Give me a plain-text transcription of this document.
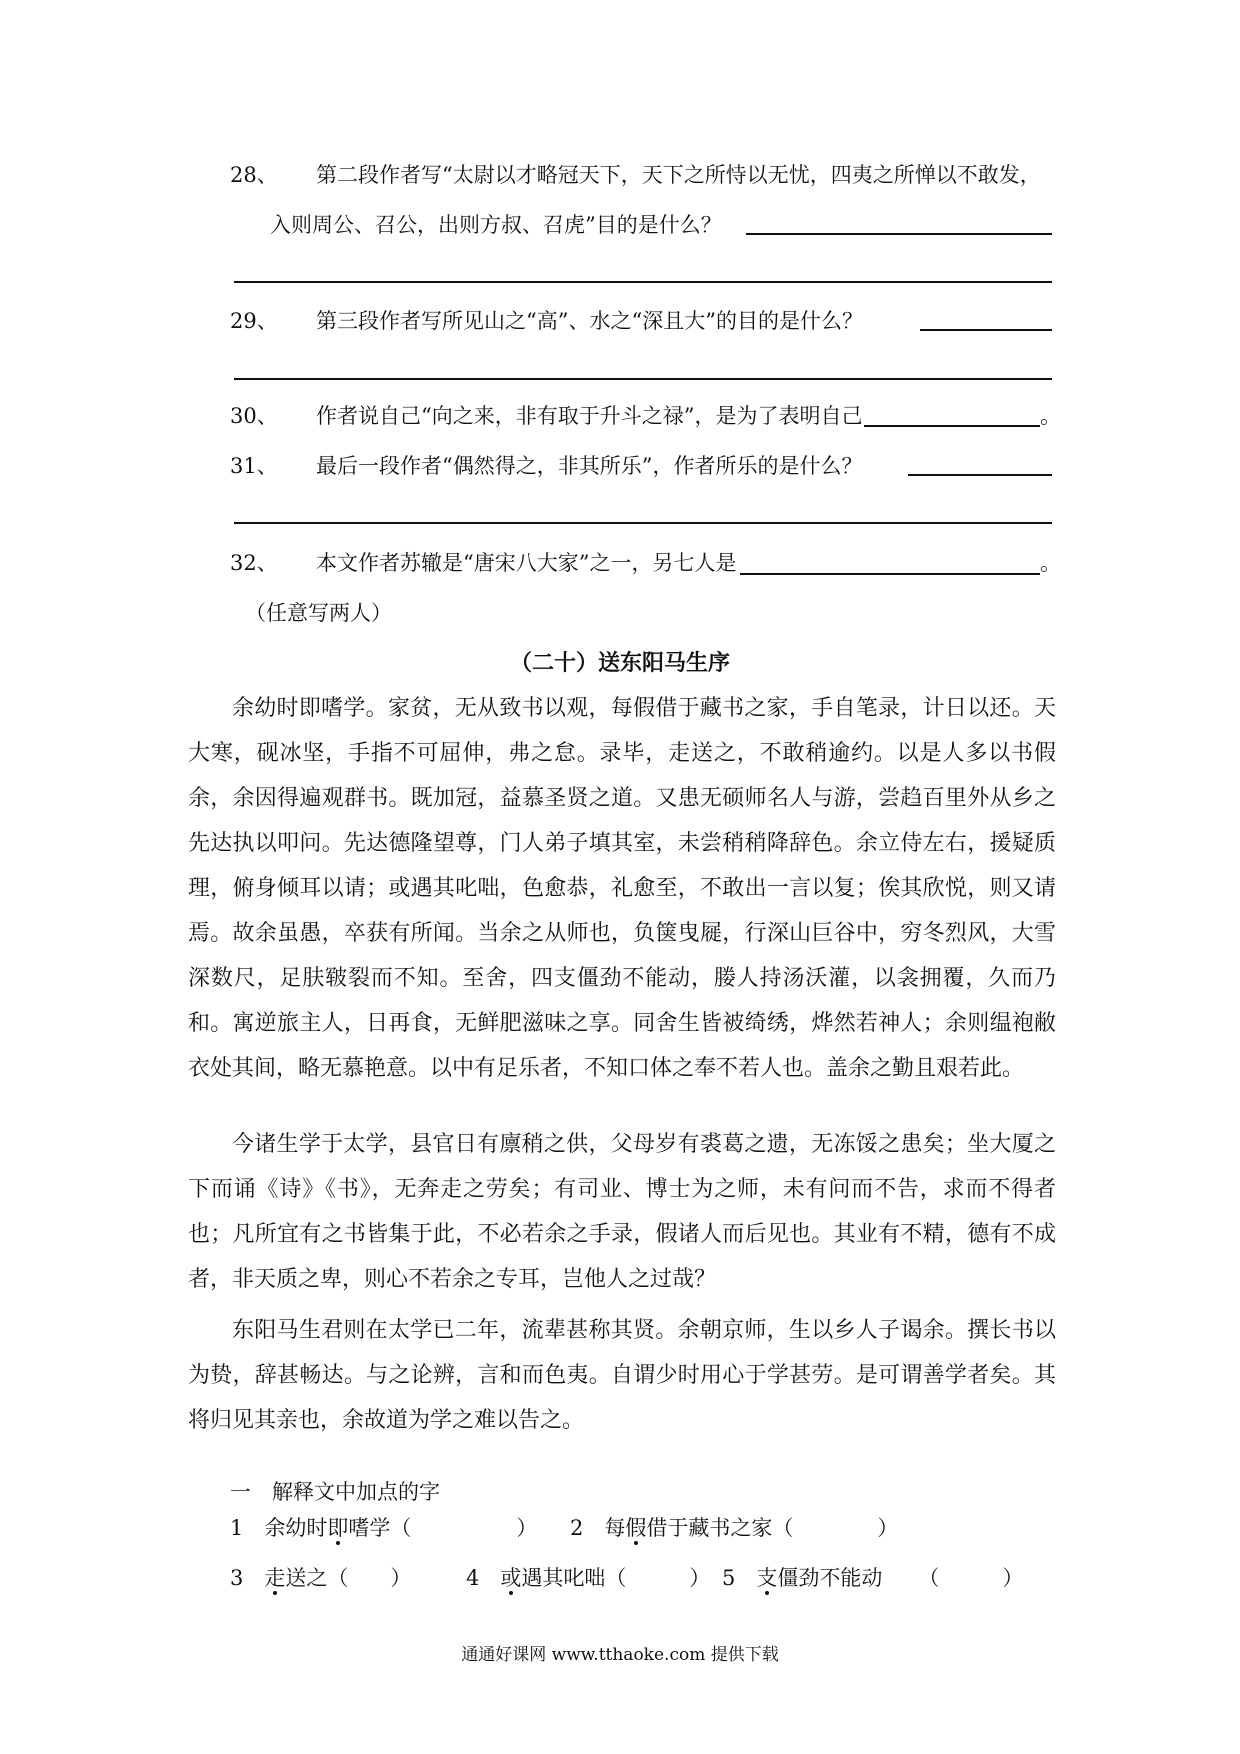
28、 第二段作者写“太尉以才略冠天下，天下之所恃以无忧，四夷之所惮以不敢发，
入则周公、召公，出则方叔、召虎”目的是什么？
29、 第三段作者写所见山之“高”、水之“深且大”的目的是什么？
30、 作者说自己“向之来，非有取于升斗之禄”，是为了表明自己	。
31、 最后一段作者“偶然得之，非其所乐”，作者所乐的是什么？
32、 本文作者苏辙是“唐宋八大家”之一，另七人是	。
（任意写两人）
（二十）送东阳马生序
余幼时即嗜学。家贫，无从致书以观，每假借于藏书之家，手自笔录，计日以还。天大寒，砚冰坚，手指不可屈伸，弗之怠。录毕，走送之，不敢稍逾约。以是人多以书假余，余因得遍观群书。既加冠，益慕圣贤之道。又患无硕师名人与游，尝趋百里外从乡之先达执以叩问。先达德隆望尊，门人弟子填其室，未尝稍稍降辞色。余立侍左右，援疑质理，俯身倾耳以请；或遇其叱咄，色愈恭，礼愈至，不敢出一言以复；俟其欣悦，则又请焉。故余虽愚，卒获有所闻。当余之从师也，负箧曳屣，行深山巨谷中，穷冬烈风，大雪深数尺，足肤皲裂而不知。至舍，四支僵劲不能动，媵人持汤沃灌，以衾拥覆，久而乃和。寓逆旅主人，日再食，无鲜肥滋味之享。同舍生皆被绮绣，烨然若神人；余则缊袍敝衣处其间，略无慕艳意。以中有足乐者，不知口体之奉不若人也。盖余之勤且艰若此。
今诸生学于太学，县官日有廪稍之供，父母岁有裘葛之遗，无冻馁之患矣；坐大厦之下而诵《诗》《书》，无奔走之劳矣；有司业、博士为之师，未有问而不告，求而不得者也；凡所宜有之书皆集于此，不必若余之手录，假诸人而后见也。其业有不精，德有不成者，非天质之卑，则心不若余之专耳，岂他人之过哉？
东阳马生君则在太学已二年，流辈甚称其贤。余朝京师，生以乡人子谒余。撰长书以为贽，辞甚畅达。与之论辨，言和而色夷。自谓少时用心于学甚劳。是可谓善学者矣。其将归见其亲也，余故道为学之难以告之。
一　解释文中加点的字
1  余幼时即嗜学（　　　　　） 2  每假借于藏书之家（　　　　）
3  走送之（　　）	4  或遇其叱咄（　　　） 5  支僵劲不能动 （　　　）
通通好课网 www.tthaoke.com 提供下载
